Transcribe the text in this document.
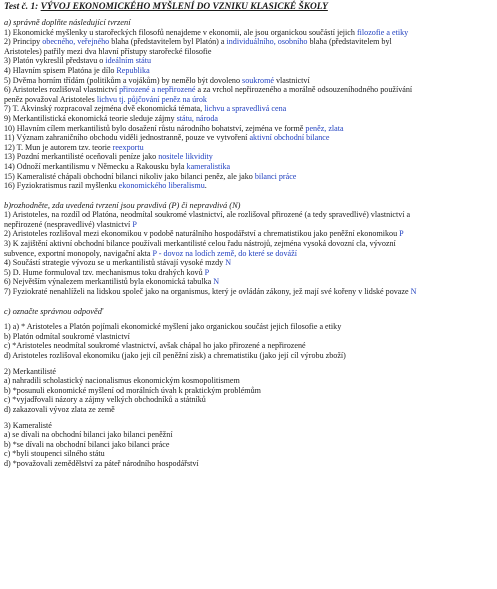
Test č. 1: VÝVOJ EKONOMICKÉHO MYŠLENÍ DO VZNIKU KLASICKÉ ŠKOLY
a) správně doplňte následující tvrzení
1) Ekonomické myšlenky u starořeckých filosofů nenajdeme v ekonomii, ale jsou organickou součástí jejich filozofie a etiky
2) Principy obecného, veřejného blaha (představitelem byl Platón) a individuálního, osobního blaha (představitelem byl
Aristoteles) patřily mezi dva hlavní přístupy starořecké filosofie
3) Platón vykreslil představu o ideálním státu
4) Hlavním spisem Platóna je dílo Republika
5) Dvěma horním třídám (politikům a vojákům) by nemělo být dovoleno soukromé vlastnictví
6) Aristoteles rozlišoval vlastnictví přirozené a nepřirozené a za vrchol nepřirozeného a morálně odsouzeníhodného používání
peněz považoval Aristoteles lichvu tj. půjčování peněz na úrok
7) T. Akvinský rozpracoval zejména dvě ekonomická témata, lichvu a spravedlivá cena
9) Merkantilistická ekonomická teorie sleduje zájmy státu, národa
10) Hlavním cílem merkantilistů bylo dosažení růstu národního bohatství, zejména ve formě peněz, zlata
11) Význam zahraničního obchodu viděli jednostranně, pouze ve vytvoření aktivní obchodní bilance
12) T. Mun je autorem tzv. teorie reexportu
13) Pozdní merkantilisté oceňovali peníze jako nositele likvidity
14) Odnoží merkantilismu v Německu a Rakousku byla kameralistika
15) Kameralisté chápali obchodní bilanci nikoliv jako bilanci peněz, ale jako bilanci práce
16) Fyziokratismus razil myšlenku ekonomického liberalismu.
b)rozhodněte, zda uvedená tvrzení jsou pravdivá (P) či nepravdivá (N)
1) Aristoteles, na rozdíl od Platóna, neodmítal soukromé vlastnictví, ale rozlišoval přirozené (a tedy spravedlivé) vlastnictví a
nepřirozené (nespravedlivé) vlastnictví P
2) Aristoteles rozlišoval mezi ekonomikou v podobě naturálního hospodářství a chrematistikou jako peněžní ekonomikou P
3) K zajištění aktivní obchodní bilance používali merkantilisté celou řadu nástrojů, zejména vysoká dovozní cla, vývozní
subvence, exportní monopoly, navigační akta P - dovoz na lodích země, do které se dováží
4) Součástí strategie vývozu se u merkantilistů stávají vysoké mzdy N
5) D. Hume formuloval tzv. mechanismus toku drahých kovů P
6) Největším výnalezem merkantilistů byla ekonomická tabulka N
7) Fyziokraté nenahlíželi na lidskou společ jako na organismus, který je ovládán zákony, jež mají své kořeny v lidské povaze N
c) označte správnou odpověď
1) a) * Aristoteles a Platón pojímali ekonomické myšlení jako organickou součást jejich filosofie a etiky
b) Platón odmítal soukromé vlastnictví
c) *Aristoteles neodmítal soukromé vlastnictví, avšak chápal ho jako přirozené a nepřirozené
d) Aristoteles rozlišoval ekonomiku (jako jeji cíl peněžní zisk) a chrematistiku (jako její cíl výrobu zboží)
2) Merkantilisté
a) nahradili scholastický nacionalismus ekonomickým kosmopolitismem
b) *posunuli ekonomické myšlení od morálních úvah k praktickým problémům
c) *vyjadřovali názory a zájmy velkých obchodníků a státníků
d) zakazovali vývoz zlata ze země
3) Kameralisté
a) se dívali na obchodní bilanci jako bilanci peněžní
b) *se dívali na obchodní bilanci jako bilanci práce
c) *byli stoupenci silného státu
d) *považovali zemědělství za páteř národního hospodářství
